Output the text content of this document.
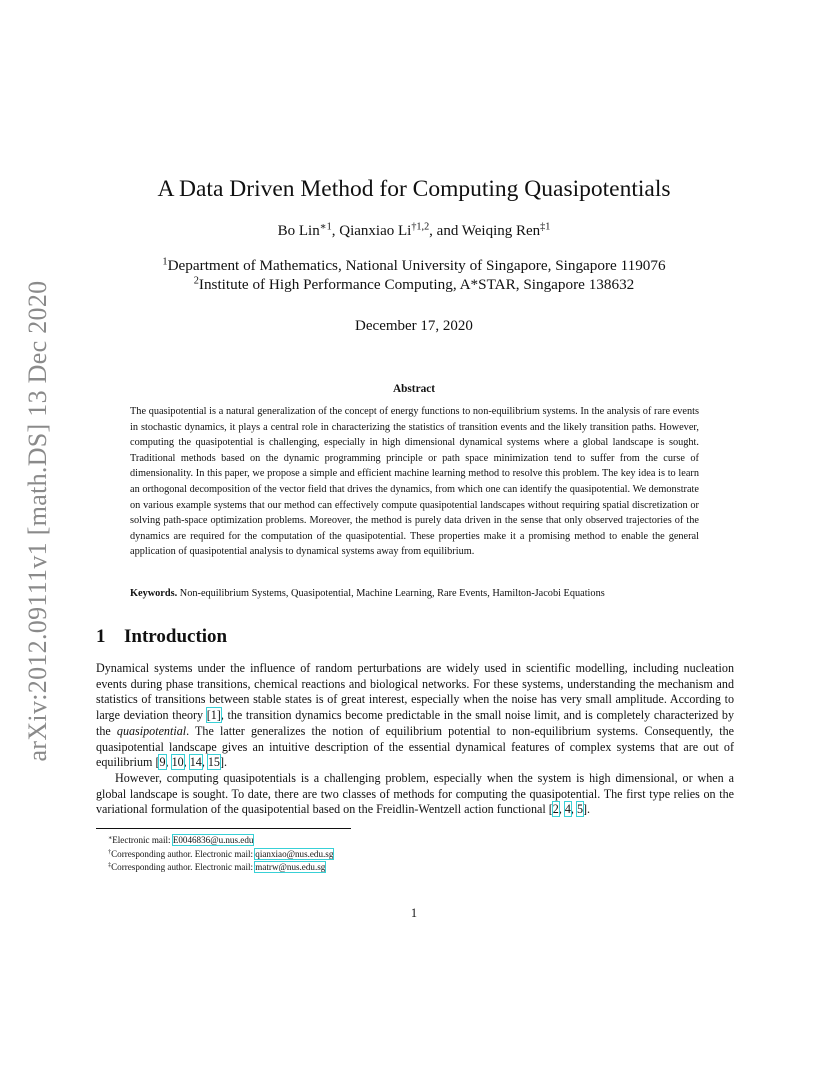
arXiv:2012.09111v1 [math.DS] 13 Dec 2020
A Data Driven Method for Computing Quasipotentials
Bo Lin$^{∗1}$, Qianxiao Li$^{\dagger 1,2}$, and Weiqing Ren$^{\ddagger 1}$
$^1$Department of Mathematics, National University of Singapore, Singapore 119076
$^2$Institute of High Performance Computing, A*STAR, Singapore 138632
December 17, 2020
Abstract
The quasipotential is a natural generalization of the concept of energy functions to non-equilibrium systems. In the analysis of rare events in stochastic dynamics, it plays a central role in characterizing the statistics of transition events and the likely transition paths. However, computing the quasipotential is challenging, especially in high dimensional dynamical systems where a global landscape is sought. Traditional methods based on the dynamic programming principle or path space minimization tend to suffer from the curse of dimensionality. In this paper, we propose a simple and efficient machine learning method to resolve this problem. The key idea is to learn an orthogonal decomposition of the vector field that drives the dynamics, from which one can identify the quasipotential. We demonstrate on various example systems that our method can effectively compute quasipotential landscapes without requiring spatial discretization or solving path-space optimization problems. Moreover, the method is purely data driven in the sense that only observed trajectories of the dynamics are required for the computation of the quasipotential. These properties make it a promising method to enable the general application of quasipotential analysis to dynamical systems away from equilibrium.
Keywords. Non-equilibrium Systems, Quasipotential, Machine Learning, Rare Events, Hamilton-Jacobi Equations
1 Introduction

Dynamical systems under the influence of random perturbations are widely used in scientific modelling, including nucleation events during phase transitions, chemical reactions and biological networks. For these systems, understanding the mechanism and statistics of transitions between stable states is of great interest, especially when the noise has very small amplitude. According to large deviation theory [1], the transition dynamics become predictable in the small noise limit, and is completely characterized by the quasipotential. The latter generalizes the notion of equilibrium potential to non-equilibrium systems. Consequently, the quasipotential landscape gives an intuitive description of the essential dynamical features of complex systems that are out of equilibrium [9, 10, 14, 15].

However, computing quasipotentials is a challenging problem, especially when the system is high dimensional, or when a global landscape is sought. To date, there are two classes of methods for computing the quasipotential. The first type relies on the variational formulation of the quasipotential based on the Freidlin-Wentzell action functional [2, 4, 5].

∗Electronic mail: E0046836@u.nus.edu
†Corresponding author. Electronic mail: qianxiao@nus.edu.sg
‡Corresponding author. Electronic mail: matrw@nus.edu.sg
1
